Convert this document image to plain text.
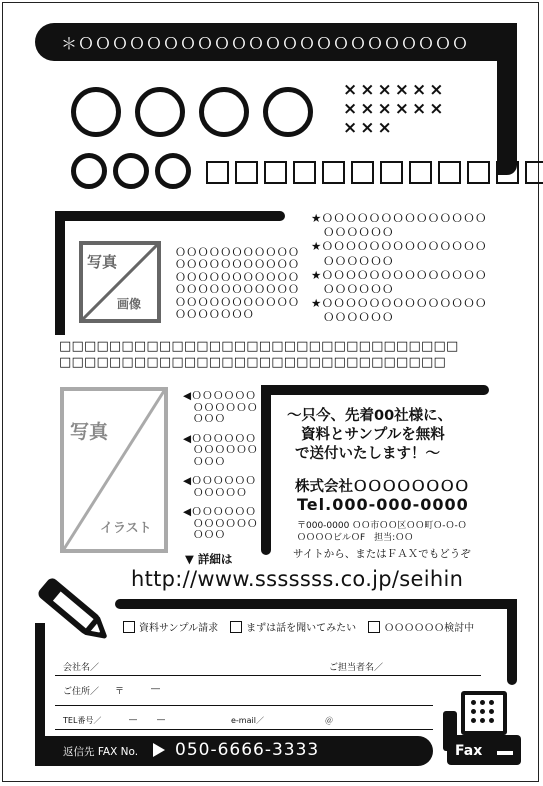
＊ＯＯＯＯＯＯＯＯＯＯＯＯＯＯＯＯＯＯＯＯＯＯＯ
××××××
××××××
×××
写真
画像
ＯＯＯＯＯＯＯＯＯＯＯ
ＯＯＯＯＯＯＯＯＯＯＯ
ＯＯＯＯＯＯＯＯＯＯＯ
ＯＯＯＯＯＯＯＯＯＯＯ
ＯＯＯＯＯＯＯＯＯＯＯ
ＯＯＯＯＯＯＯ
★ＯＯＯＯＯＯＯＯＯＯＯＯＯＯ
ＯＯＯＯＯＯ
★ＯＯＯＯＯＯＯＯＯＯＯＯＯＯ
ＯＯＯＯＯＯ
★ＯＯＯＯＯＯＯＯＯＯＯＯＯＯ
ＯＯＯＯＯＯ
★ＯＯＯＯＯＯＯＯＯＯＯＯＯＯ
ＯＯＯＯＯＯ
□□□□□□□□□□□□□□□□□□□□□□□□□□□□□□□□
□□□□□□□□□□□□□□□□□□□□□□□□□□□□□□□
写真
イラスト
◀ＯＯＯＯＯＯ
ＯＯＯＯＯＯ
ＯＯＯ
◀ＯＯＯＯＯＯ
ＯＯＯＯＯＯ
ＯＯＯ
◀ＯＯＯＯＯＯ
ＯＯＯＯＯ
◀ＯＯＯＯＯＯ
ＯＯＯＯＯＯ
ＯＯＯ
▼ 詳細は
～只今、先着00社様に、
資料とサンプルを無料
で送付いたします！～
株式会社ＯＯＯＯＯＯＯＯ
Tel.000-000-0000
〒000-0000 ＯＯ市ＯＯ区ＯＯ町Ｏ-Ｏ-Ｏ
ＯＯＯＯビルＯF　担当:ＯＯ
サイトから、またはＦＡＸでもどうぞ
http://www.sssssss.co.jp/seihin
資料サンプル請求	まずは話を聞いてみたい	ＯＯＯＯＯＯ検討中
会社名／	ご担当者名／
ご住所／ 〒	―
TEL番号／	―	―	e-mail／	＠
返信先 FAX No. 050-6666-3333	Fax
